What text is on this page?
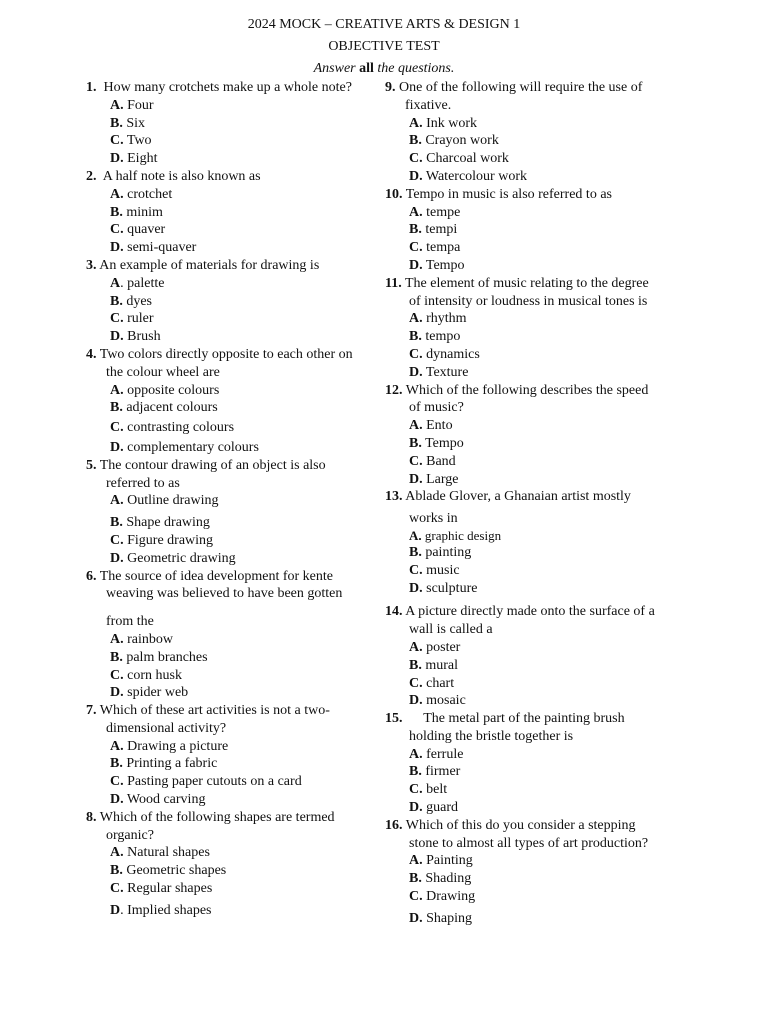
2024 MOCK – CREATIVE ARTS & DESIGN 1
OBJECTIVE TEST
Answer all the questions.
1.  How many crotchets make up a whole note?
A. Four
B. Six
C. Two
D. Eight
2.  A half note is also known as
A. crotchet
B. minim
C. quaver
D. semi-quaver
3. An example of materials for drawing is
A. palette
B. dyes
C. ruler
D. Brush
4. Two colors directly opposite to each other on
the colour wheel are
A. opposite colours
B. adjacent colours
C. contrasting colours
D. complementary colours
5. The contour drawing of an object is also
referred to as
A. Outline drawing
B. Shape drawing
C. Figure drawing
D. Geometric drawing
6. The source of idea development for kente
weaving was believed to have been gotten
from the
A. rainbow
B. palm branches
C. corn husk
D. spider web
7. Which of these art activities is not a two-
dimensional activity?
A. Drawing a picture
B. Printing a fabric
C. Pasting paper cutouts on a card
D. Wood carving
8. Which of the following shapes are termed
organic?
A. Natural shapes
B. Geometric shapes
C. Regular shapes
D. Implied shapes
9. One of the following will require the use of
fixative.
A. Ink work
B. Crayon work
C. Charcoal work
D. Watercolour work
10. Tempo in music is also referred to as
A. tempe
B. tempi
C. tempa
D. Tempo
11. The element of music relating to the degree
of intensity or loudness in musical tones is
A. rhythm
B. tempo
C. dynamics
D. Texture
12. Which of the following describes the speed
of music?
A. Ento
B. Tempo
C. Band
D. Large
13. Ablade Glover, a Ghanaian artist mostly
works in
A. graphic design
B. painting
C. music
D. sculpture
14. A picture directly made onto the surface of a
wall is called a
A. poster
B. mural
C. chart
D. mosaic
15.      The metal part of the painting brush
holding the bristle together is
A. ferrule
B. firmer
C. belt
D. guard
16. Which of this do you consider a stepping
stone to almost all types of art production?
A. Painting
B. Shading
C. Drawing
D. Shaping
